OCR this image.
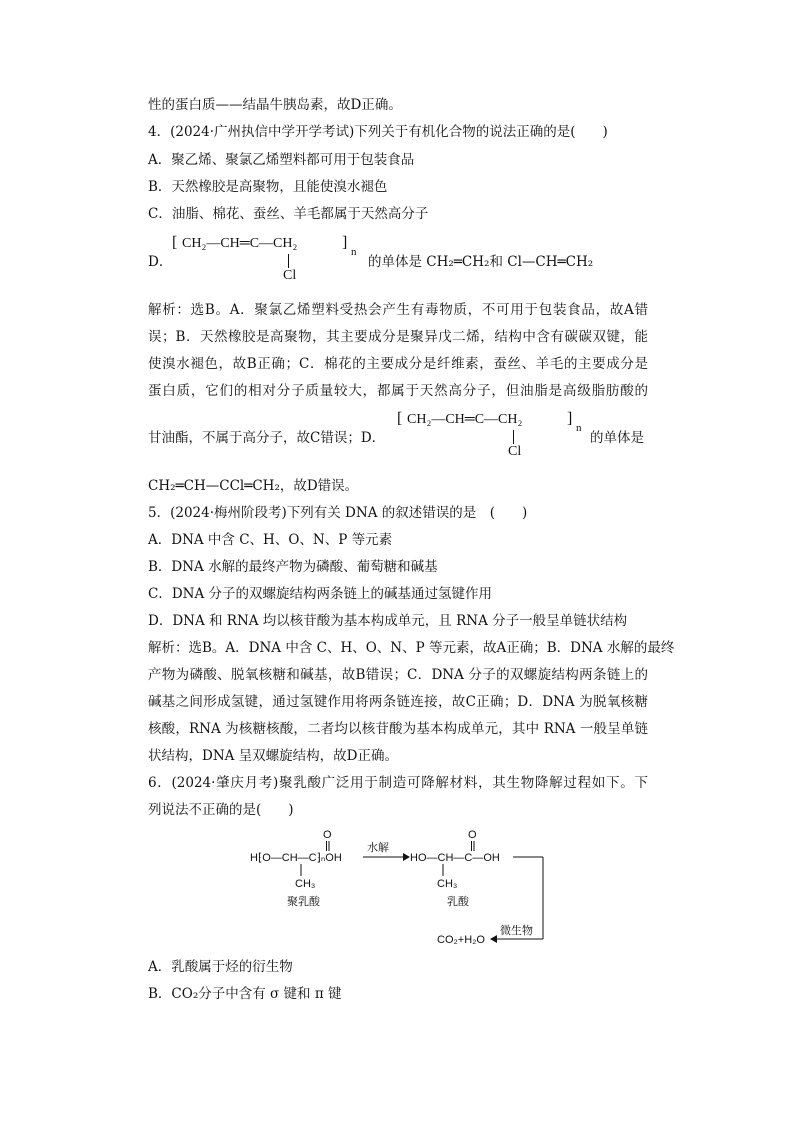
性的蛋白质——结晶牛胰岛素，故D正确。
4．(2024·广州执信中学开学考试)下列关于有机化合物的说法正确的是(　　)
A．聚乙烯、聚氯乙烯塑料都可用于包装食品
B．天然橡胶是高聚物，且能使溴水褪色
C．油脂、棉花、蚕丝、羊毛都属于天然高分子
D．
[ CH₂—CH═C—CH₂	]
n
Cl
的单体是 CH₂═CH₂和 Cl—CH═CH₂
解析：选B。A．聚氯乙烯塑料受热会产生有毒物质，不可用于包装食品，故A错
误；B．天然橡胶是高聚物，其主要成分是聚异戊二烯，结构中含有碳碳双键，能
使溴水褪色，故B正确；C．棉花的主要成分是纤维素，蚕丝、羊毛的主要成分是
蛋白质，它们的相对分子质量较大，都属于天然高分子，但油脂是高级脂肪酸的
甘油酯，不属于高分子，故C错误；D．
[ CH₂—CH═C—CH₂	]
n
Cl
的单体是
CH₂═CH—CCl═CH₂，故D错误。
5．(2024·梅州阶段考)下列有关 DNA 的叙述错误的是　(　　)
A．DNA 中含 C、H、O、N、P 等元素
B．DNA 水解的最终产物为磷酸、葡萄糖和碱基
C．DNA 分子的双螺旋结构两条链上的碱基通过氢键作用
D．DNA 和 RNA 均以核苷酸为基本构成单元，且 RNA 分子一般呈单链状结构
解析：选B。A．DNA 中含 C、H、O、N、P 等元素，故A正确；B．DNA 水解的最终
产物为磷酸、脱氧核糖和碱基，故B错误；C．DNA 分子的双螺旋结构两条链上的
碱基之间形成氢键，通过氢键作用将两条链连接，故C正确；D．DNA 为脱氧核糖
核酸，RNA 为核糖核酸，二者均以核苷酸为基本构成单元，其中 RNA 一般呈单链
状结构，DNA 呈双螺旋结构，故D正确。
6．(2024·肇庆月考)聚乳酸广泛用于制造可降解材料，其生物降解过程如下。下
列说法不正确的是(　　)
H⁅O—CH—C⁆ₙOH
O
CH₃
聚乳酸
水解
HO—CH—C—OH
O
CH₃
乳酸
微生物
CO₂+H₂O
A．乳酸属于烃的衍生物
B．CO₂分子中含有 σ 键和 π 键
